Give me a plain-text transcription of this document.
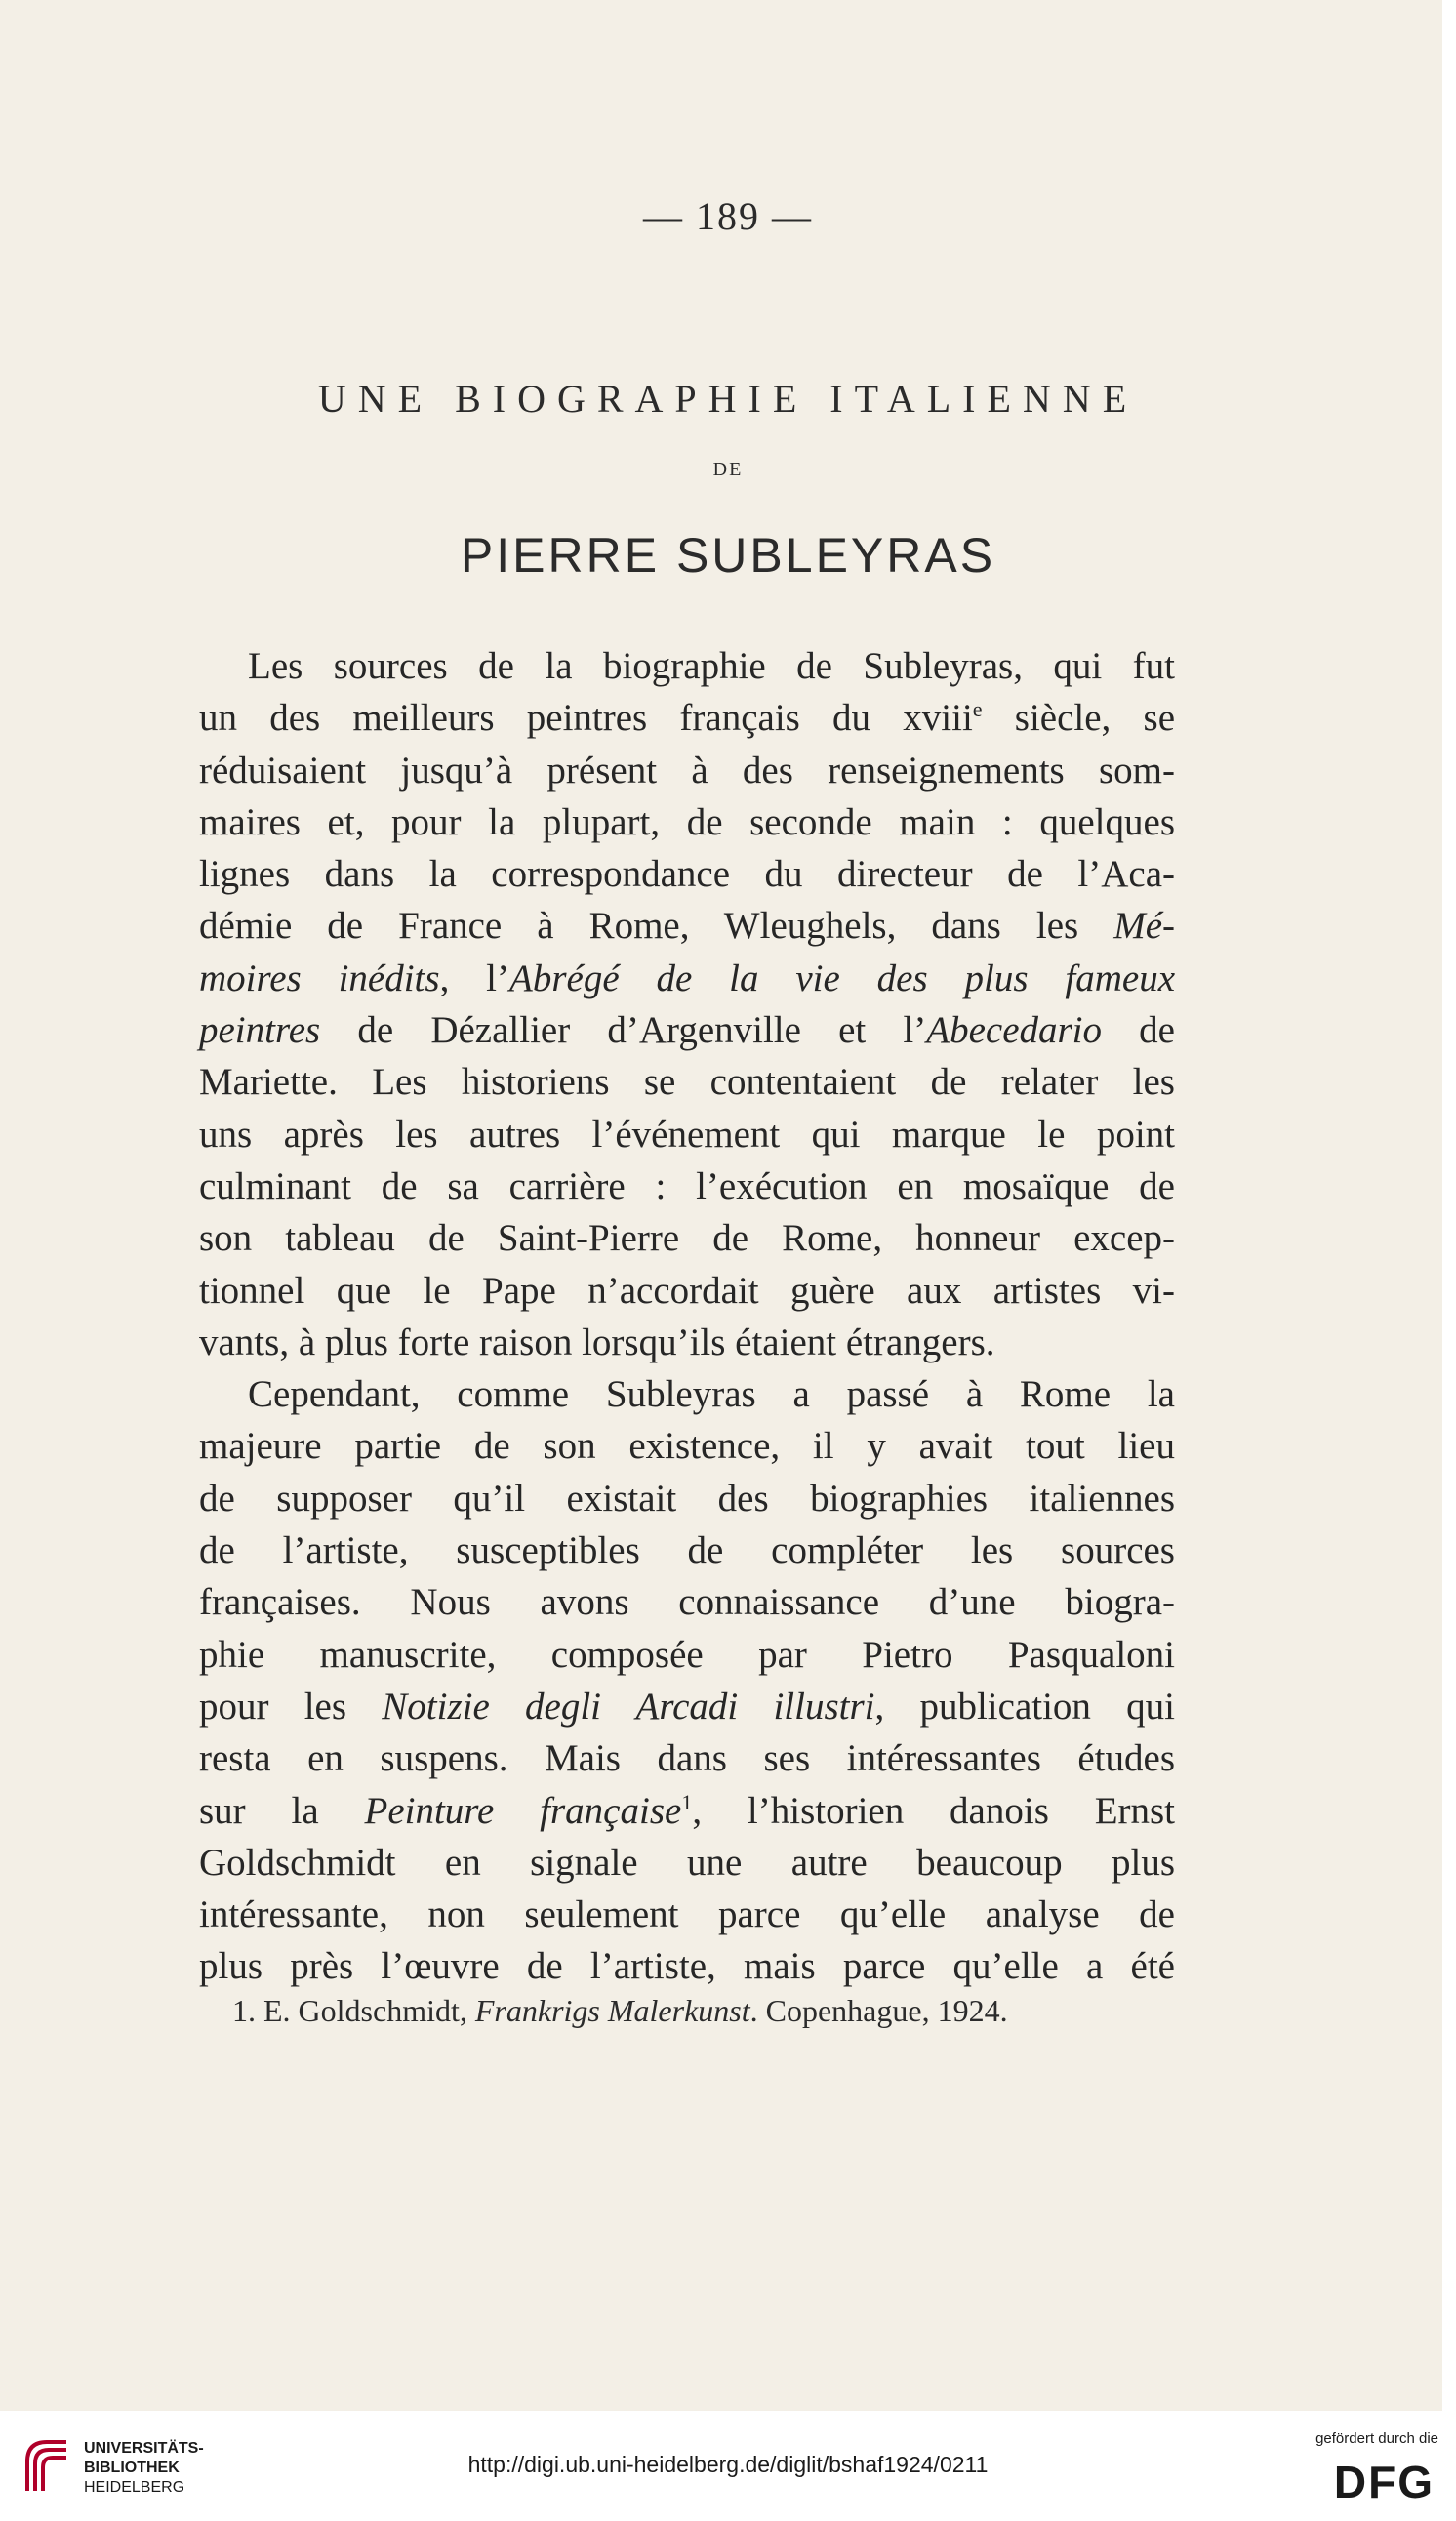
— 189 —
UNE BIOGRAPHIE ITALIENNE
DE
PIERRE SUBLEYRAS
Les sources de la biographie de Subleyras, qui fut
un des meilleurs peintres français du xviii$^e$ siècle, se
réduisaient jusqu’à présent à des renseignements som-
maires et, pour la plupart, de seconde main : quelques
lignes dans la correspondance du directeur de l’Aca-
démie de France à Rome, Wleughels, dans les Mé-
moires inédits, l’Abrégé de la vie des plus fameux
peintres de Dézallier d’Argenville et l’Abecedario de
Mariette. Les historiens se contentaient de relater les
uns après les autres l’événement qui marque le point
culminant de sa carrière : l’exécution en mosaïque de
son tableau de Saint-Pierre de Rome, honneur excep-
tionnel que le Pape n’accordait guère aux artistes vi-
vants, à plus forte raison lorsqu’ils étaient étrangers.
Cependant, comme Subleyras a passé à Rome la
majeure partie de son existence, il y avait tout lieu
de supposer qu’il existait des biographies italiennes
de l’artiste, susceptibles de compléter les sources
françaises. Nous avons connaissance d’une biogra-
phie manuscrite, composée par Pietro Pasqualoni
pour les Notizie degli Arcadi illustri, publication qui
resta en suspens. Mais dans ses intéressantes études
sur la Peinture française$^1$, l’historien danois Ernst
Goldschmidt en signale une autre beaucoup plus
intéressante, non seulement parce qu’elle analyse de
plus près l’œuvre de l’artiste, mais parce qu’elle a été
1. E. Goldschmidt, Frankrigs Malerkunst. Copenhague, 1924.
UNIVERSITÄTS-
BIBLIOTHEK
HEIDELBERG
http://digi.ub.uni-heidelberg.de/diglit/bshaf1924/0211
gefördert durch die
DFG
